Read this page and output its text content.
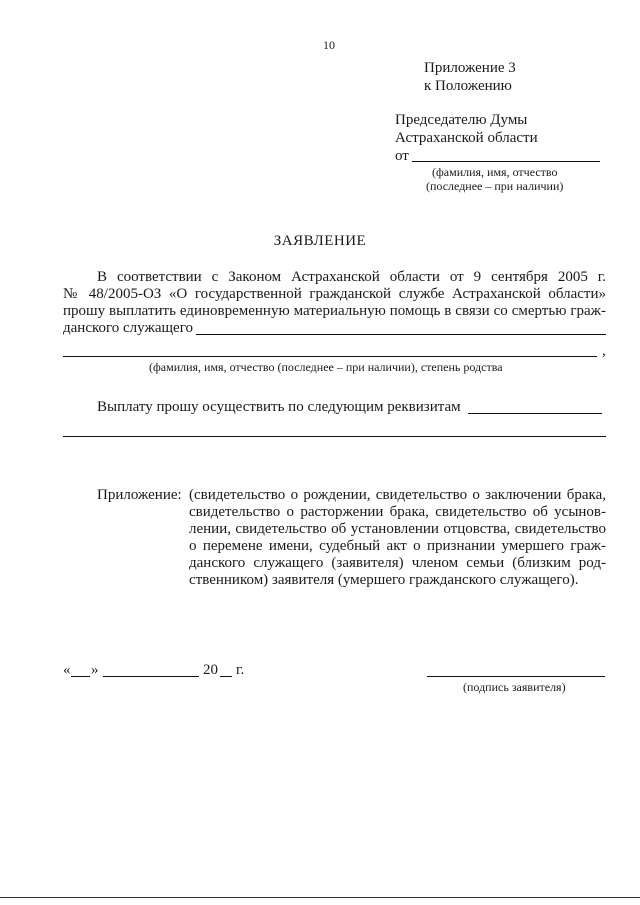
10
Приложение 3
к Положению
Председателю Думы
Астраханской области
от
(фамилия, имя, отчество
(последнее – при наличии)
ЗАЯВЛЕНИЕ
В соответствии с Законом Астраханской области от 9 сентября 2005 г.
№ 48/2005-ОЗ «О государственной гражданской службе Астраханской области»
прошу выплатить единовременную материальную помощь в связи со смертью граж-
данского служащего
,
(фамилия, имя, отчество (последнее – при наличии), степень родства
Выплату прошу осуществить по следующим реквизитам
Приложение: (свидетельство о рождении, свидетельство о заключении брака,
свидетельство о расторжении брака, свидетельство об усынов-
лении, свидетельство об установлении отцовства, свидетельство
о перемене имени, судебный акт о признании умершего граж-
данского служащего (заявителя) членом семьи (близким род-
ственником) заявителя (умершего гражданского служащего).
« »	20 г.
(подпись заявителя)
